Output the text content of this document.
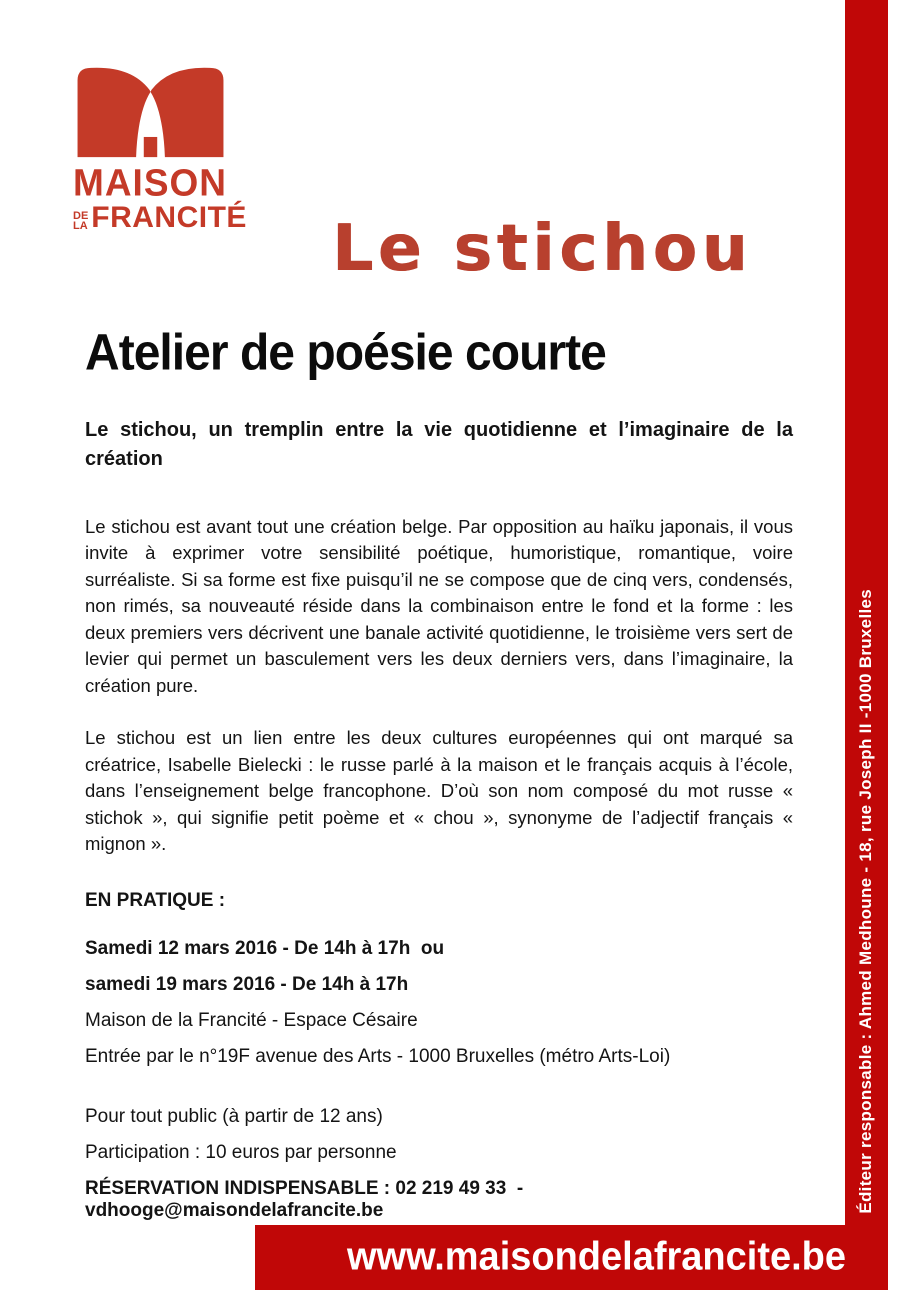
MAISON
DE
LA FRANCITÉ Le stichou
Atelier de poésie courte
Le stichou, un tremplin entre la vie quotidienne et l’imaginaire de la création

Le stichou est avant tout une création belge. Par opposition au haïku japonais, il vous invite à exprimer votre sensibilité poétique, humoristique, romantique, voire surréaliste. Si sa forme est fixe puisqu’il ne se compose que de cinq vers, condensés, non rimés, sa nouveauté réside dans la combinaison entre le fond et la forme : les deux premiers vers décrivent une banale activité quotidienne, le troisième vers sert de levier qui permet un basculement vers les deux derniers vers, dans l’imaginaire, la création pure.

Le stichou est un lien entre les deux cultures européennes qui ont marqué sa créatrice, Isabelle Bielecki : le russe parlé à la maison et le français acquis à l’école, dans l’enseignement belge francophone. D’où son nom composé du mot russe « stichok », qui signifie petit poème et « chou », synonyme de l’adjectif français « mignon ».

EN PRATIQUE :
Samedi 12 mars 2016 - De 14h à 17h  ou
samedi 19 mars 2016 - De 14h à 17h
Maison de la Francité - Espace Césaire
Entrée par le n°19F avenue des Arts - 1000 Bruxelles (métro Arts-Loi)
Pour tout public (à partir de 12 ans)
Participation : 10 euros par personne
RÉSERVATION INDISPENSABLE : 02 219 49 33  - vdhooge@maisondelafrancite.be	Éditeur responsable : Ahmed Medhoune - 18, rue Joseph II -1000 Bruxelles
www.maisondelafrancite.be
